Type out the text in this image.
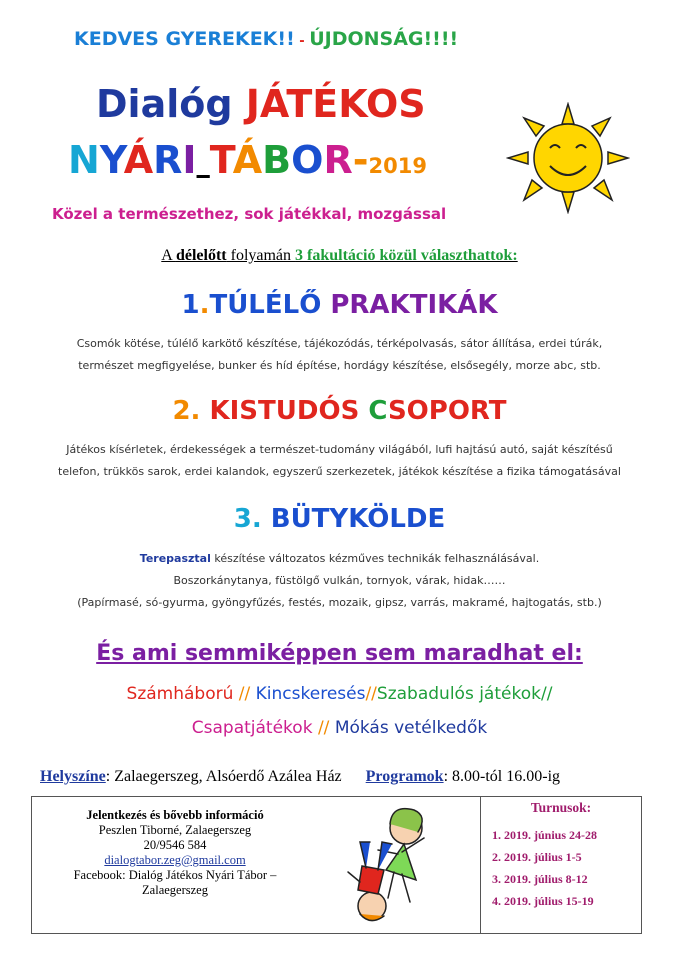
KEDVES GYEREKEK!! - ÚJDONSÁG!!!!
Dialóg JÁTÉKOS
NYÁRI TÁBOR-2019
Közel a természethez, sok játékkal, mozgással
A délelőtt folyamán 3 fakultáció közül választhattok:
1.TÚLÉLŐ PRAKTIKÁK
Csomók kötése, túlélő karkötő készítése, tájékozódás, térképolvasás, sátor állítása, erdei túrák,
természet megfigyelése, bunker és híd építése, hordágy készítése, elsősegély, morze abc, stb.
2. KISTUDÓS CSOPORT
Játékos kísérletek, érdekességek a természet-tudomány világából, lufi hajtású autó, saját készítésű
telefon, trükkös sarok, erdei kalandok, egyszerű szerkezetek, játékok készítése a fizika támogatásával
3. BÜTYKÖLDE
Terepasztal készítése változatos kézműves technikák felhasználásával.
Boszorkánytanya, füstölgő vulkán, tornyok, várak, hidak……
(Papírmasé, só-gyurma, gyöngyfűzés, festés, mozaik, gipsz, varrás, makramé, hajtogatás, stb.)
És ami semmiképpen sem maradhat el:
Számháború // Kincskeresés//Szabadulós játékok//
Csapatjátékok // Mókás vetélkedők
Helyszíne: Zalaegerszeg, Alsóerdő Azálea Ház Programok: 8.00-tól 16.00-ig
Jelentkezés és bővebb információ
Peszlen Tiborné, Zalaegerszeg
20/9546 584
dialogtabor.zeg@gmail.com
Facebook: Dialóg Játékos Nyári Tábor –
Zalaegerszeg
Turnusok:
1. 2019. június 24-28
2. 2019. július 1-5
3. 2019. július 8-12
4. 2019. július 15-19
